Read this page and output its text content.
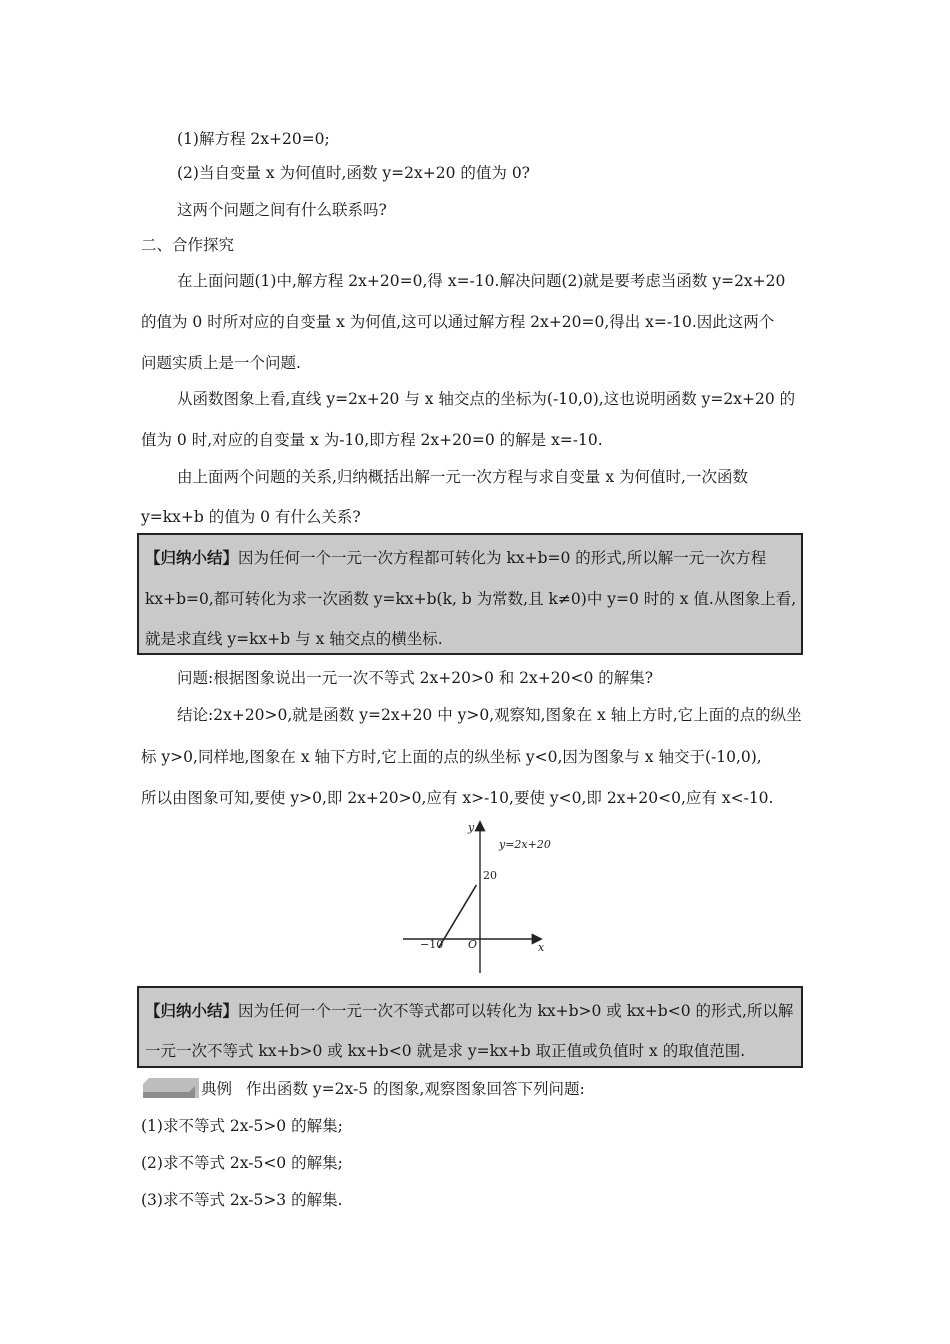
(1)解方程 2x+20=0;
(2)当自变量 x 为何值时,函数 y=2x+20 的值为 0?
这两个问题之间有什么联系吗?
二、合作探究
在上面问题(1)中,解方程 2x+20=0,得 x=-10.解决问题(2)就是要考虑当函数 y=2x+20
的值为 0 时所对应的自变量 x 为何值,这可以通过解方程 2x+20=0,得出 x=-10.因此这两个
问题实质上是一个问题.
从函数图象上看,直线 y=2x+20 与 x 轴交点的坐标为(-10,0),这也说明函数 y=2x+20 的
值为 0 时,对应的自变量 x 为-10,即方程 2x+20=0 的解是 x=-10.
由上面两个问题的关系,归纳概括出解一元一次方程与求自变量 x 为何值时,一次函数
y=kx+b 的值为 0 有什么关系?
【归纳小结】因为任何一个一元一次方程都可转化为 kx+b=0 的形式,所以解一元一次方程
kx+b=0,都可转化为求一次函数 y=kx+b(k, b 为常数,且 k≠0)中 y=0 时的 x 值.从图象上看,
就是求直线 y=kx+b 与 x 轴交点的横坐标.
问题:根据图象说出一元一次不等式 2x+20>0 和 2x+20<0 的解集?
结论:2x+20>0,就是函数 y=2x+20 中 y>0,观察知,图象在 x 轴上方时,它上面的点的纵坐
标 y>0,同样地,图象在 x 轴下方时,它上面的点的纵坐标 y<0,因为图象与 x 轴交于(-10,0),
所以由图象可知,要使 y>0,即 2x+20>0,应有 x>-10,要使 y<0,即 2x+20<0,应有 x<-10.
y
x
y=2x+20
20
−10 O
【归纳小结】因为任何一个一元一次不等式都可以转化为 kx+b>0 或 kx+b<0 的形式,所以解
一元一次不等式 kx+b>0 或 kx+b<0 就是求 y=kx+b 取正值或负值时 x 的取值范围.
典例 作出函数 y=2x-5 的图象,观察图象回答下列问题:
(1)求不等式 2x-5>0 的解集;
(2)求不等式 2x-5<0 的解集;
(3)求不等式 2x-5>3 的解集.
